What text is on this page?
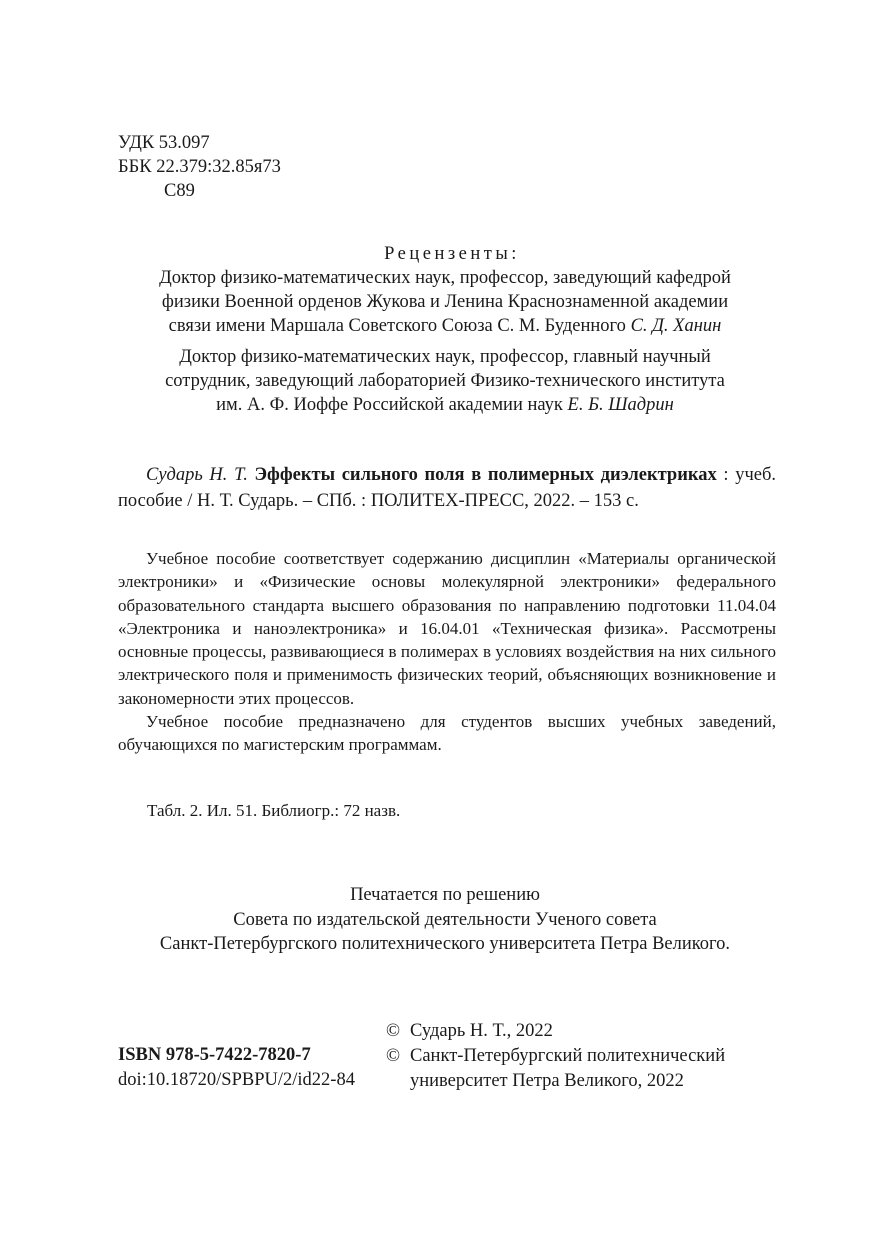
УДК 53.097
ББК 22.379:32.85я73
С89
Рецензенты:
Доктор физико-математических наук, профессор, заведующий кафедрой
физики Военной орденов Жукова и Ленина Краснознаменной академии
связи имени Маршала Советского Союза С. М. Буденного С. Д. Ханин
Доктор физико-математических наук, профессор, главный научный
сотрудник, заведующий лабораторией Физико-технического института
им. А. Ф. Иоффе Российской академии наук Е. Б. Шадрин
Сударь Н. Т. Эффекты сильного поля в полимерных диэлектриках : учеб. пособие / Н. Т. Сударь. – СПб. : ПОЛИТЕХ-ПРЕСС, 2022. – 153 с.

Учебное пособие соответствует содержанию дисциплин «Материалы органической электроники» и «Физические основы молекулярной электроники» федерального образовательного стандарта высшего образования по направлению подготовки 11.04.04 «Электроника и наноэлектроника» и 16.04.01 «Техническая физика». Рассмотрены основные процессы, развивающиеся в полимерах в условиях воздействия на них сильного электрического поля и применимость физических теорий, объясняющих возникновение и закономерности этих процессов.

Учебное пособие предназначено для студентов высших учебных заведений, обучающихся по магистерским программам.

Табл. 2. Ил. 51. Библиогр.: 72 назв.
Печатается по решению
Совета по издательской деятельности Ученого совета
Санкт-Петербургского политехнического университета Петра Великого.
ISBN 978-5-7422-7820-7
doi:10.18720/SPBPU/2/id22-84
© Сударь Н. Т., 2022
© Санкт-Петербургский политехнический
университет Петра Великого, 2022
